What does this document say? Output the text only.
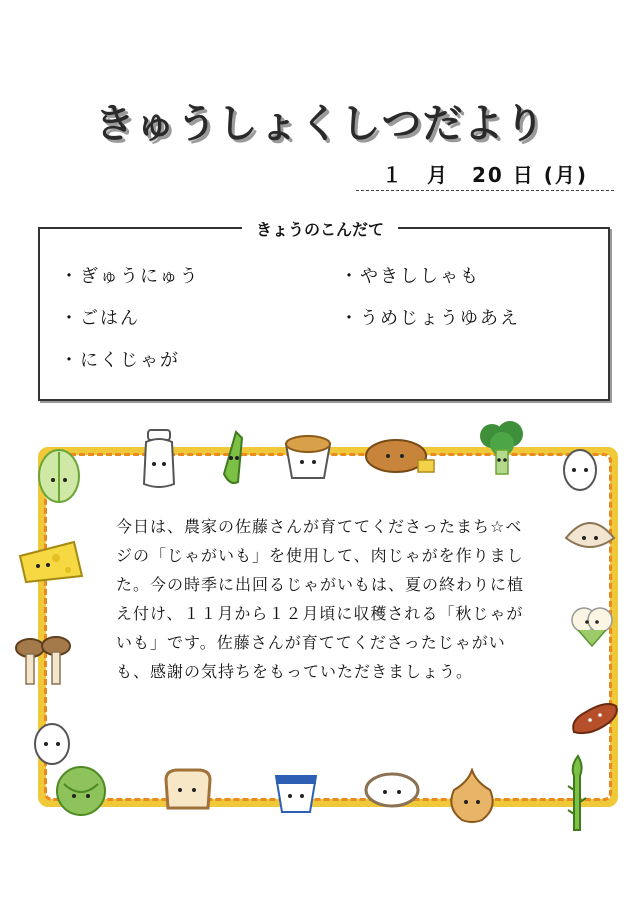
きゅうしょくしつだより
１ 月 20 日 (月)
きょうのこんだて
・ぎゅうにゅう
・ごはん
・にくじゃが
・やきししゃも
・うめじょうゆあえ
今日は、農家の佐藤さんが育ててくださったまち☆ベジの「じゃがいも」を使用して、肉じゃがを作りました。今の時季に出回るじゃがいもは、夏の終わりに植え付け、１１月から１２月頃に収穫される「秋じゃがいも」です。佐藤さんが育ててくださったじゃがいも、感謝の気持ちをもっていただきましょう。
